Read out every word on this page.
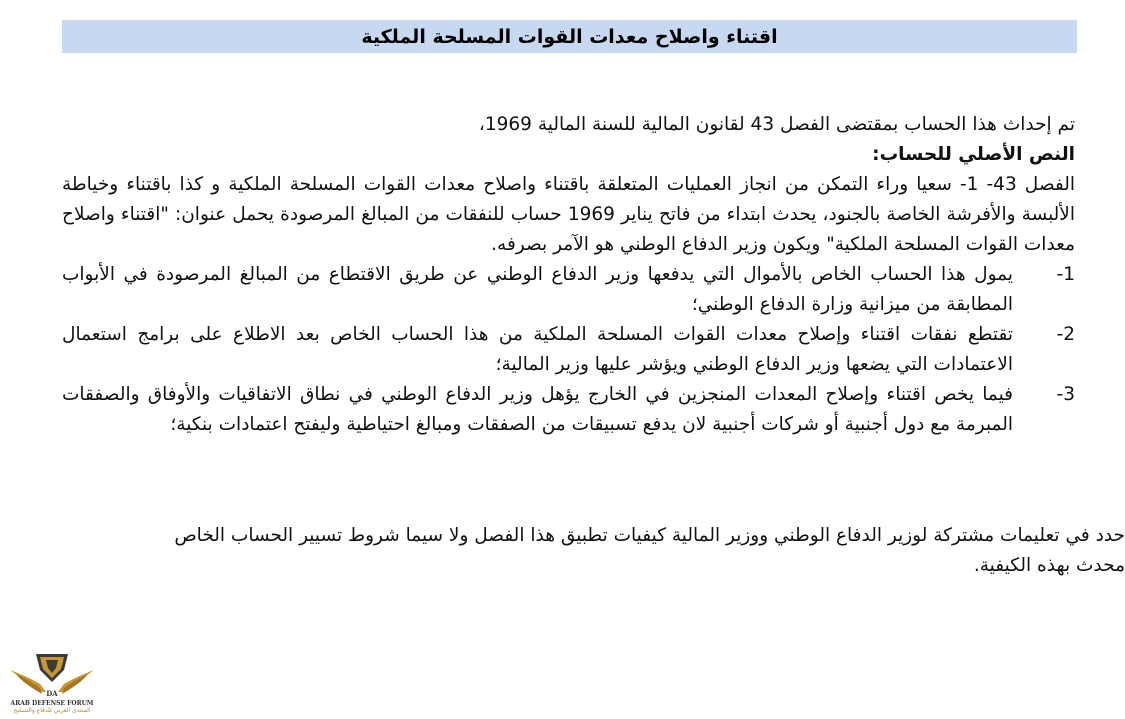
اقتناء واصلاح معدات القوات المسلحة الملكية

تم إحداث هذا الحساب بمقتضى الفصل 43 لقانون المالية للسنة المالية 1969،

النص الأصلي للحساب:

الفصل 43- 1- سعيا وراء التمكن من انجاز العمليات المتعلقة باقتناء واصلاح معدات القوات المسلحة الملكية و كذا باقتناء وخياطة الألبسة والأفرشة الخاصة بالجنود، يحدث ابتداء من فاتح يناير 1969 حساب للنفقات من المبالغ المرصودة يحمل عنوان: "اقتناء واصلاح معدات القوات المسلحة الملكية" ويكون وزير الدفاع الوطني هو الآمر بصرفه.

1-
يمول هذا الحساب الخاص بالأموال التي يدفعها وزير الدفاع الوطني عن طريق الاقتطاع من المبالغ المرصودة في الأبواب المطابقة من ميزانية وزارة الدفاع الوطني؛
2-
تقتطع نفقات اقتناء وإصلاح معدات القوات المسلحة الملكية من هذا الحساب الخاص بعد الاطلاع على برامج استعمال الاعتمادات التي يضعها وزير الدفاع الوطني ويؤشر عليها وزير المالية؛
3-
فيما يخص اقتناء وإصلاح المعدات المنجزين في الخارج يؤهل وزير الدفاع الوطني في نطاق الاتفاقيات والأوفاق والصفقات المبرمة مع دول أجنبية أو شركات أجنبية لان يدفع تسبيقات من الصفقات ومبالغ احتياطية وليفتح اعتمادات بنكية؛

حدد في تعليمات مشتركة لوزير الدفاع الوطني ووزير المالية كيفيات تطبيق هذا الفصل ولا سيما شروط تسيير الحساب الخاص

محدث بهذه الكيفية.

DA
ARAB DEFENSE FORUM
المنتدى العربي للدفاع والتسليح
